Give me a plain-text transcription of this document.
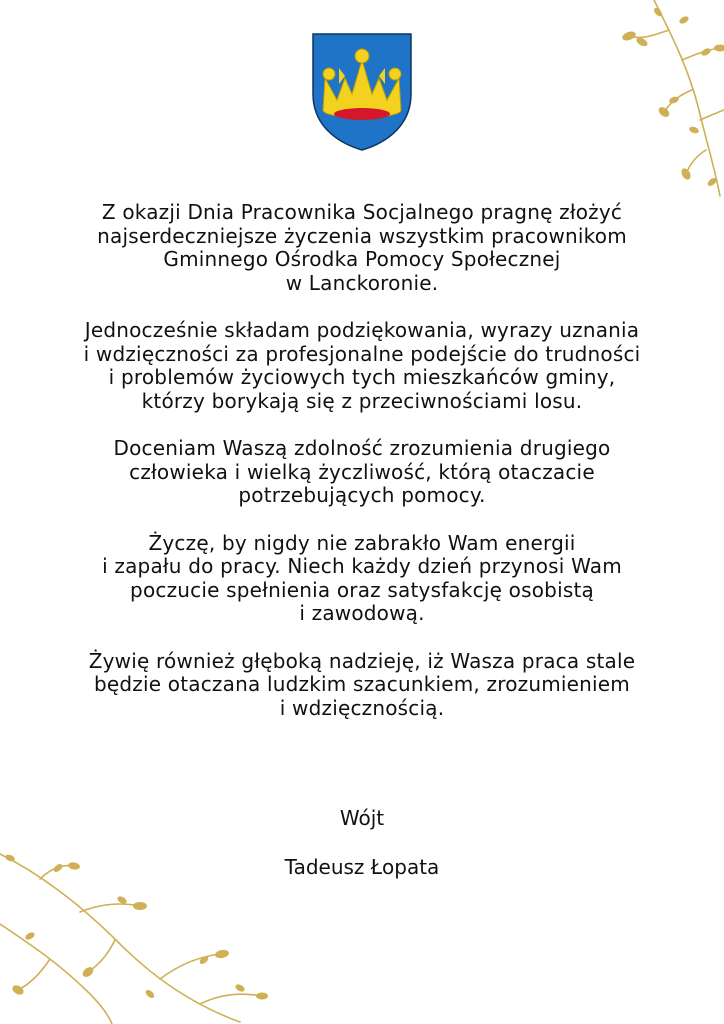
Z okazji Dnia Pracownika Socjalnego pragnę złożyć
najserdeczniejsze życzenia wszystkim pracownikom
Gminnego Ośrodka Pomocy Społecznej
w Lanckoronie.

Jednocześnie składam podziękowania, wyrazy uznania
i wdzięczności za profesjonalne podejście do trudności
i problemów życiowych tych mieszkańców gminy,
którzy borykają się z przeciwnościami losu.

Doceniam Waszą zdolność zrozumienia drugiego
człowieka i wielką życzliwość, którą otaczacie
potrzebujących pomocy.

Życzę, by nigdy nie zabrakło Wam energii
i zapału do pracy. Niech każdy dzień przynosi Wam
poczucie spełnienia oraz satysfakcję osobistą
i zawodową.

Żywię również głęboką nadzieję, iż Wasza praca stale
będzie otaczana ludzkim szacunkiem, zrozumieniem
i wdzięcznością.

Wójt
Tadeusz Łopata
